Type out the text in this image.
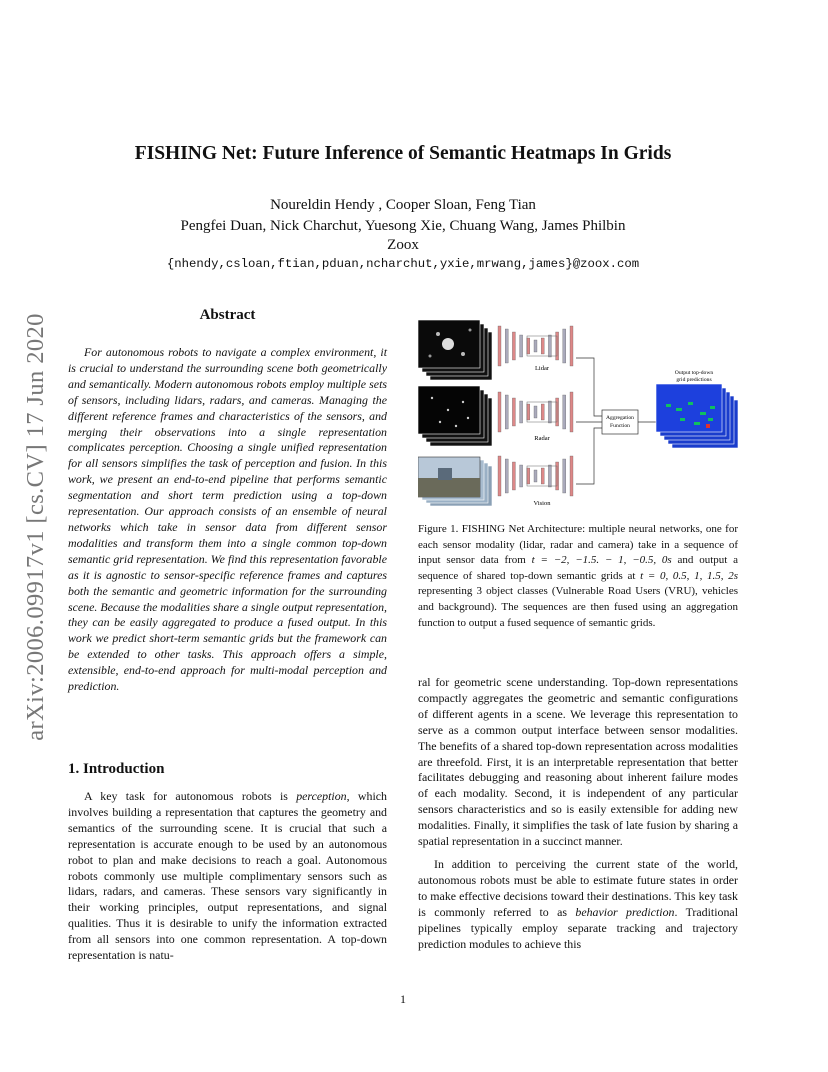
arXiv:2006.09917v1 [cs.CV] 17 Jun 2020
FISHING Net: Future Inference of Semantic Heatmaps In Grids
Noureldin Hendy , Cooper Sloan, Feng Tian
Pengfei Duan, Nick Charchut, Yuesong Xie, Chuang Wang, James Philbin
Zoox
{nhendy,csloan,ftian,pduan,ncharchut,yxie,mrwang,james}@zoox.com
Abstract
For autonomous robots to navigate a complex environment, it is crucial to understand the surrounding scene both geometrically and semantically. Modern autonomous robots employ multiple sets of sensors, including lidars, radars, and cameras. Managing the different reference frames and characteristics of the sensors, and merging their observations into a single representation complicates perception. Choosing a single unified representation for all sensors simplifies the task of perception and fusion. In this work, we present an end-to-end pipeline that performs semantic segmentation and short term prediction using a top-down representation. Our approach consists of an ensemble of neural networks which take in sensor data from different sensor modalities and transform them into a single common top-down semantic grid representation. We find this representation favorable as it is agnostic to sensor-specific reference frames and captures both the semantic and geometric information for the surrounding scene. Because the modalities share a single output representation, they can be easily aggregated to produce a fused output. In this work we predict short-term semantic grids but the framework can be extended to other tasks. This approach offers a simple, extensible, end-to-end approach for multi-modal perception and prediction.
1. Introduction
A key task for autonomous robots is perception, which involves building a representation that captures the geometry and semantics of the surrounding scene. It is crucial that such a representation is accurate enough to be used by an autonomous robot to plan and make decisions to reach a goal. Autonomous robots commonly use multiple complimentary sensors such as lidars, radars, and cameras. These sensors vary significantly in their working principles, output representations, and signal qualities. Thus it is desirable to unify the information extracted from all sensors into one common representation. A top-down representation is natu-
Lidar
Radar
Vision
Aggregation
Function
Output top-down
grid predictions
Figure 1. FISHING Net Architecture: multiple neural networks, one for each sensor modality (lidar, radar and camera) take in a sequence of input sensor data from t = −2, −1.5. − 1, −0.5, 0s and output a sequence of shared top-down semantic grids at t = 0, 0.5, 1, 1.5, 2s representing 3 object classes (Vulnerable Road Users (VRU), vehicles and background). The sequences are then fused using an aggregation function to output a fused sequence of semantic grids.

ral for geometric scene understanding. Top-down representations compactly aggregates the geometric and semantic configurations of different agents in a scene. We leverage this representation to serve as a common output interface between sensor modalities. The benefits of a shared top-down representation across modalities are threefold. First, it is an interpretable representation that better facilitates debugging and reasoning about inherent failure modes of each modality. Second, it is independent of any particular sensors characteristics and so is easily extensible for adding new modalities. Finally, it simplifies the task of late fusion by sharing a spatial representation in a succinct manner.

In addition to perceiving the current state of the world, autonomous robots must be able to estimate future states in order to make effective decisions toward their destinations. This key task is commonly referred to as behavior prediction. Traditional pipelines typically employ separate tracking and trajectory prediction modules to achieve this

1
